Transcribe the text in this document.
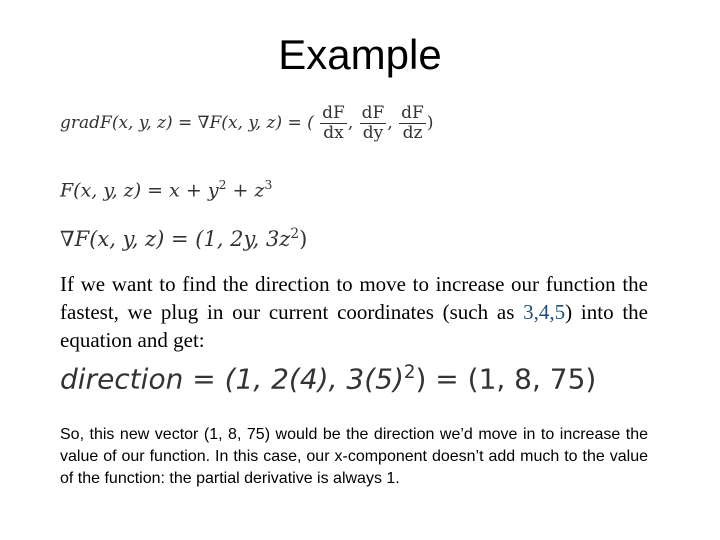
Example
gradF(x, y, z) = ∇F(x, y, z) = ( $\frac{dF}{dx}$ , $\frac{dF}{dy}$ , $\frac{dF}{dz}$ )
F(x, y, $z) = x + y^2 + z^3$
∇F(x, y, z) = (1, 2y, $3z^2$)
If we want to find the direction to move to increase our function the fastest, we plug in our current coordinates (such as 3,4,5) into the equation and get:
direction = (1, 2(4), $3(5)^2) = (1$, 8, 75)
So, this new vector (1, 8, 75) would be the direction we’d move in to increase the value of our function. In this case, our x-component doesn’t add much to the value of the function: the partial derivative is always 1.
